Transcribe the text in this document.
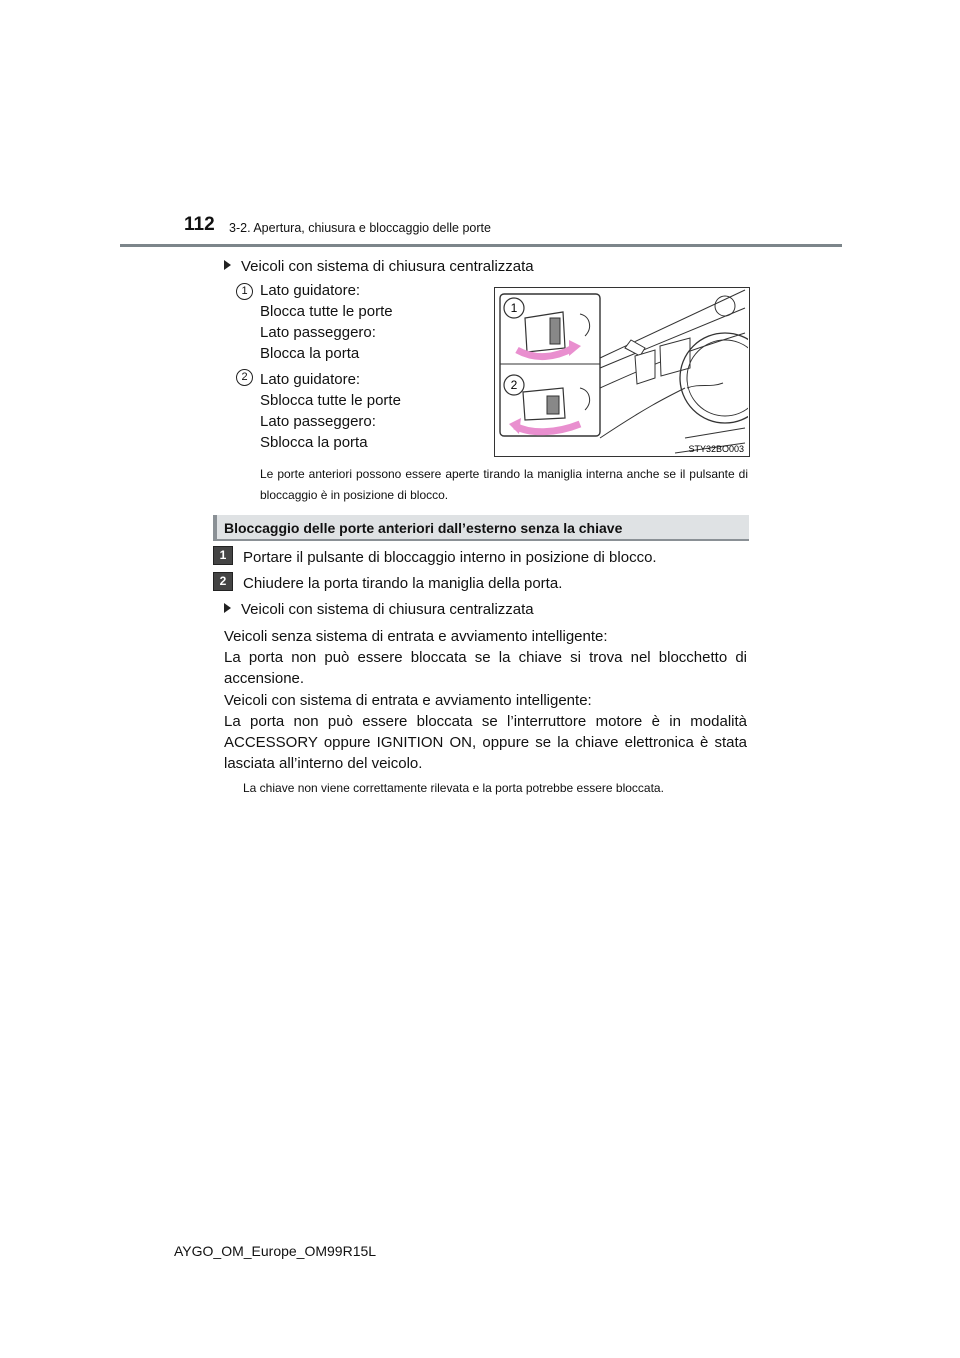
112 3-2. Apertura, chiusura e bloccaggio delle porte
Veicoli con sistema di chiusura centralizzata
1 Lato guidatore:
Blocca tutte le porte
Lato passeggero:
Blocca la porta
2 Lato guidatore:
Sblocca tutte le porte
Lato passeggero:
Sblocca la porta
1
2
STY32BO003
Le porte anteriori possono essere aperte tirando la maniglia interna anche se il pulsante di bloccaggio è in posizione di blocco.
Bloccaggio delle porte anteriori dall’esterno senza la chiave
1	Portare il pulsante di bloccaggio interno in posizione di blocco.
2	Chiudere la porta tirando la maniglia della porta.
Veicoli con sistema di chiusura centralizzata
Veicoli senza sistema di entrata e avviamento intelligente:
La porta non può essere bloccata se la chiave si trova nel blocchetto di accensione.
Veicoli con sistema di entrata e avviamento intelligente:
La porta non può essere bloccata se l’interruttore motore è in modalità ACCESSORY oppure IGNITION ON, oppure se la chiave elettronica è stata lasciata all’interno del veicolo.
La chiave non viene correttamente rilevata e la porta potrebbe essere bloccata.
AYGO_OM_Europe_OM99R15L
